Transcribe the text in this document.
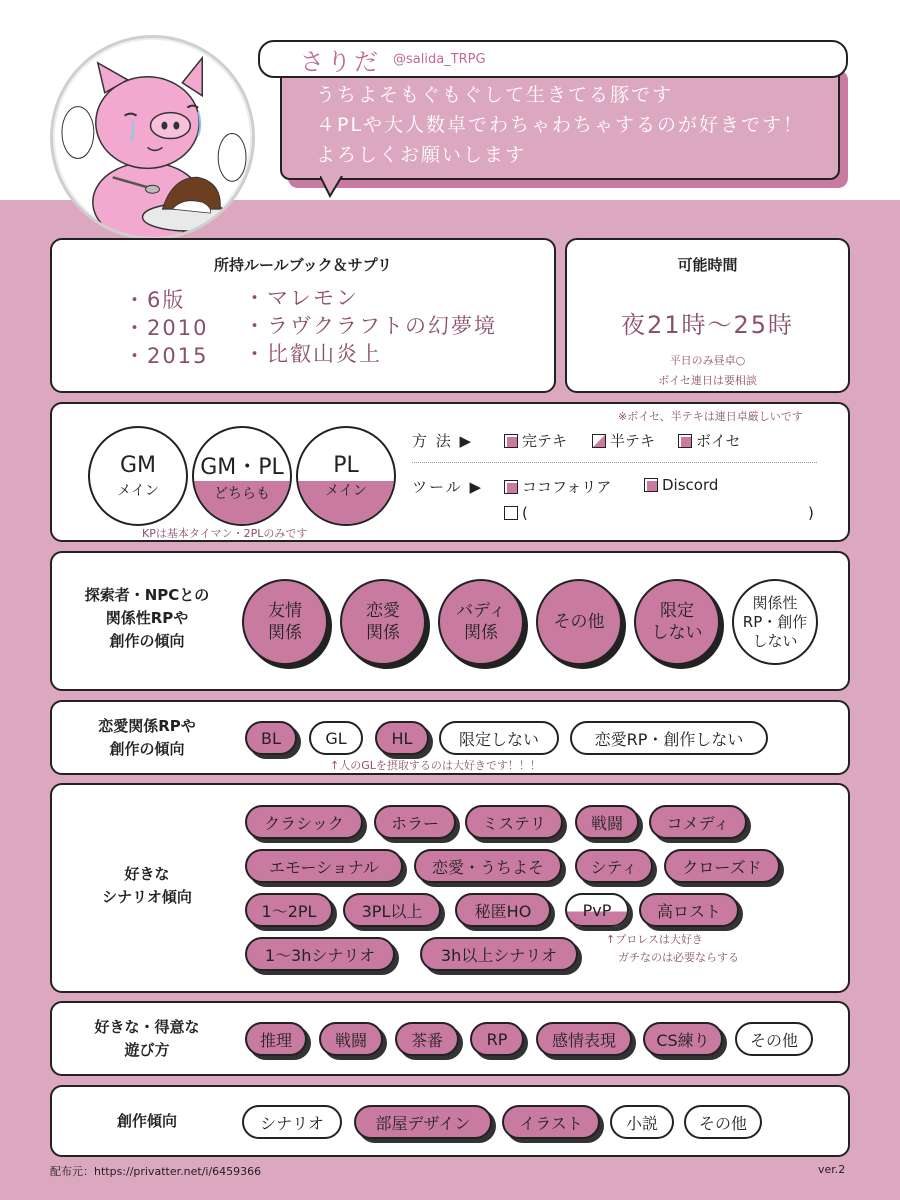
うちよそもぐもぐして生きてる豚です
４PLや大人数卓でわちゃわちゃするのが好きです！
よろしくお願いします
さりだ @salida_TRPG
所持ルールブック＆サプリ
・6版
・2010
・2015
・マレモン
・ラヴクラフトの幻夢境
・比叡山炎上
可能時間
夜21時〜25時
平日のみ昼卓○
ボイセ連日は要相談
GM
メイン
GM・PL
どちらも
PL
メイン
KPは基本タイマン・2PLのみです
※ボイセ、半テキは連日卓厳しいです
方 法 ▶	完テキ	半テキ	ボイセ
ツール ▶	ココフォリア	Discord
(	)
探索者・NPCとの
関係性RPや
創作の傾向
友情
関係
恋愛
関係
バディ
関係
その他
限定
しない
関係性
RP・創作
しない
恋愛関係RPや
創作の傾向
BL	GL	HL	限定しない	恋愛RP・創作しない
↑人のGLを摂取するのは大好きです！！！
好きな
シナリオ傾向
クラシック	ホラー	ミステリ	戦闘	コメディ
エモーショナル	恋愛・うちよそ	シティ	クローズド
1〜2PL	3PL以上	秘匿HO	PvP	高ロスト
1〜3hシナリオ	3h以上シナリオ
↑プロレスは大好き
ガチなのは必要ならする
好きな・得意な
遊び方
推理	戦闘	茶番	RP	感情表現	CS練り	その他
創作傾向	シナリオ	部屋デザイン	イラスト	小説	その他
配布元：https://privatter.net/i/6459366	ver.2
